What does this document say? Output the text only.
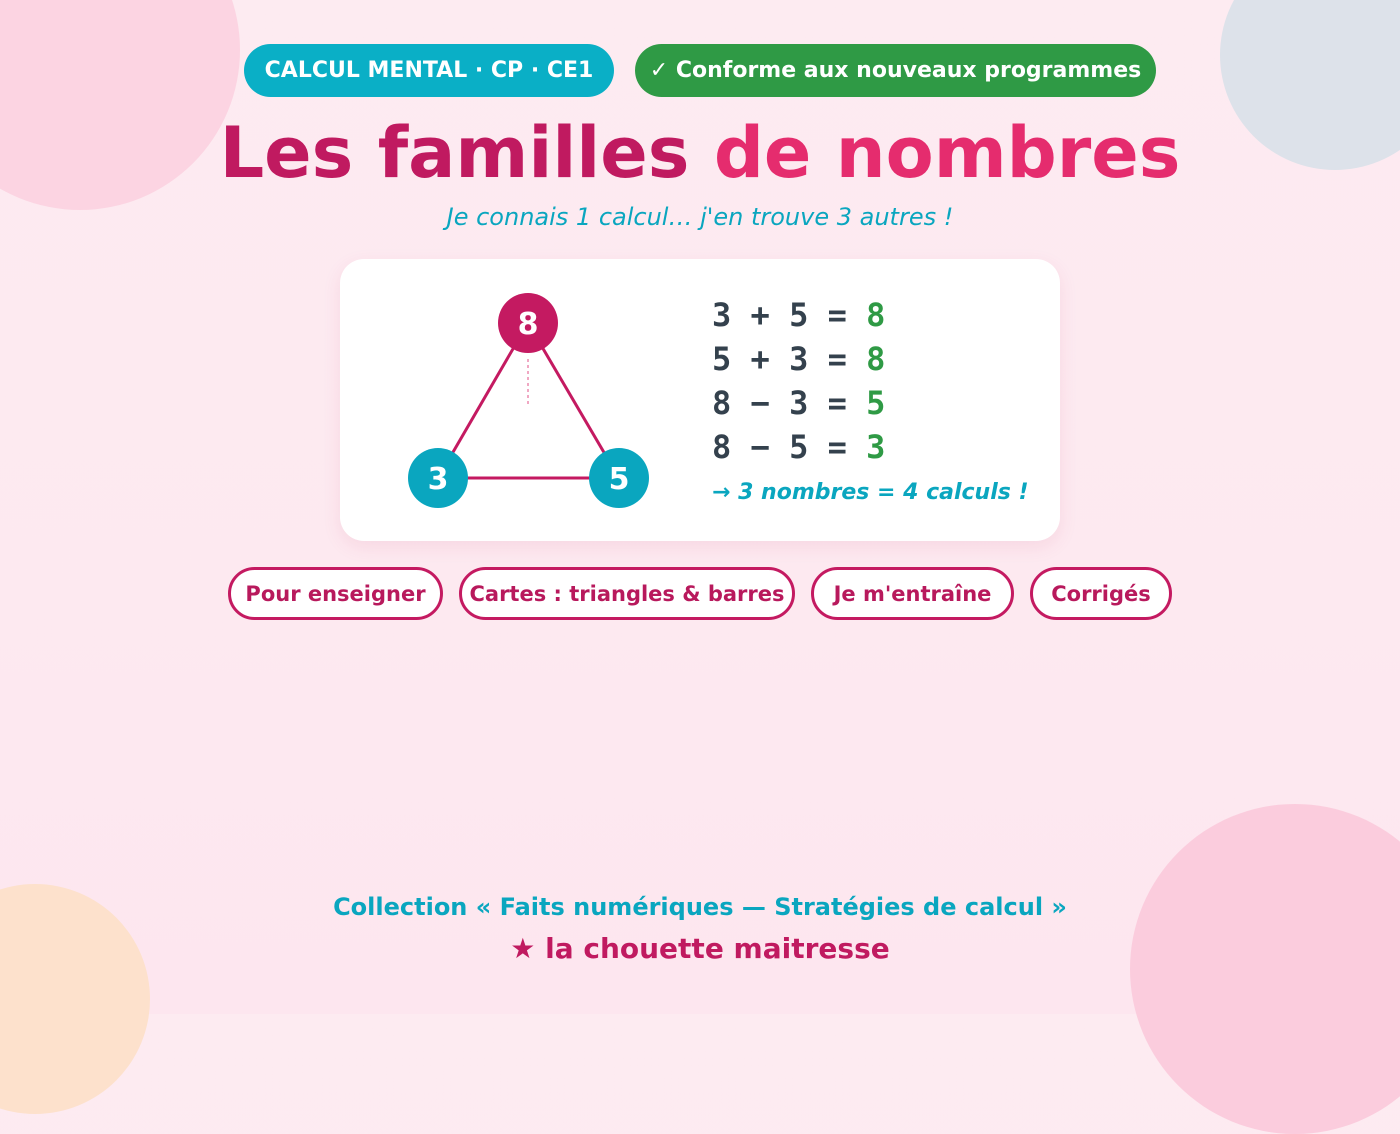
CALCUL MENTAL · CP · CE1	✓ Conforme aux nouveaux programmes
Les familles de nombres
Je connais 1 calcul… j'en trouve 3 autres !
8
3	5
3 + 5 = 8
5 + 3 = 8
8 − 3 = 5
8 − 5 = 3
→ 3 nombres = 4 calculs !
Pour enseigner	Cartes : triangles & barres	Je m'entraîne	Corrigés
Collection « Faits numériques — Stratégies de calcul »
★ la chouette maitresse
